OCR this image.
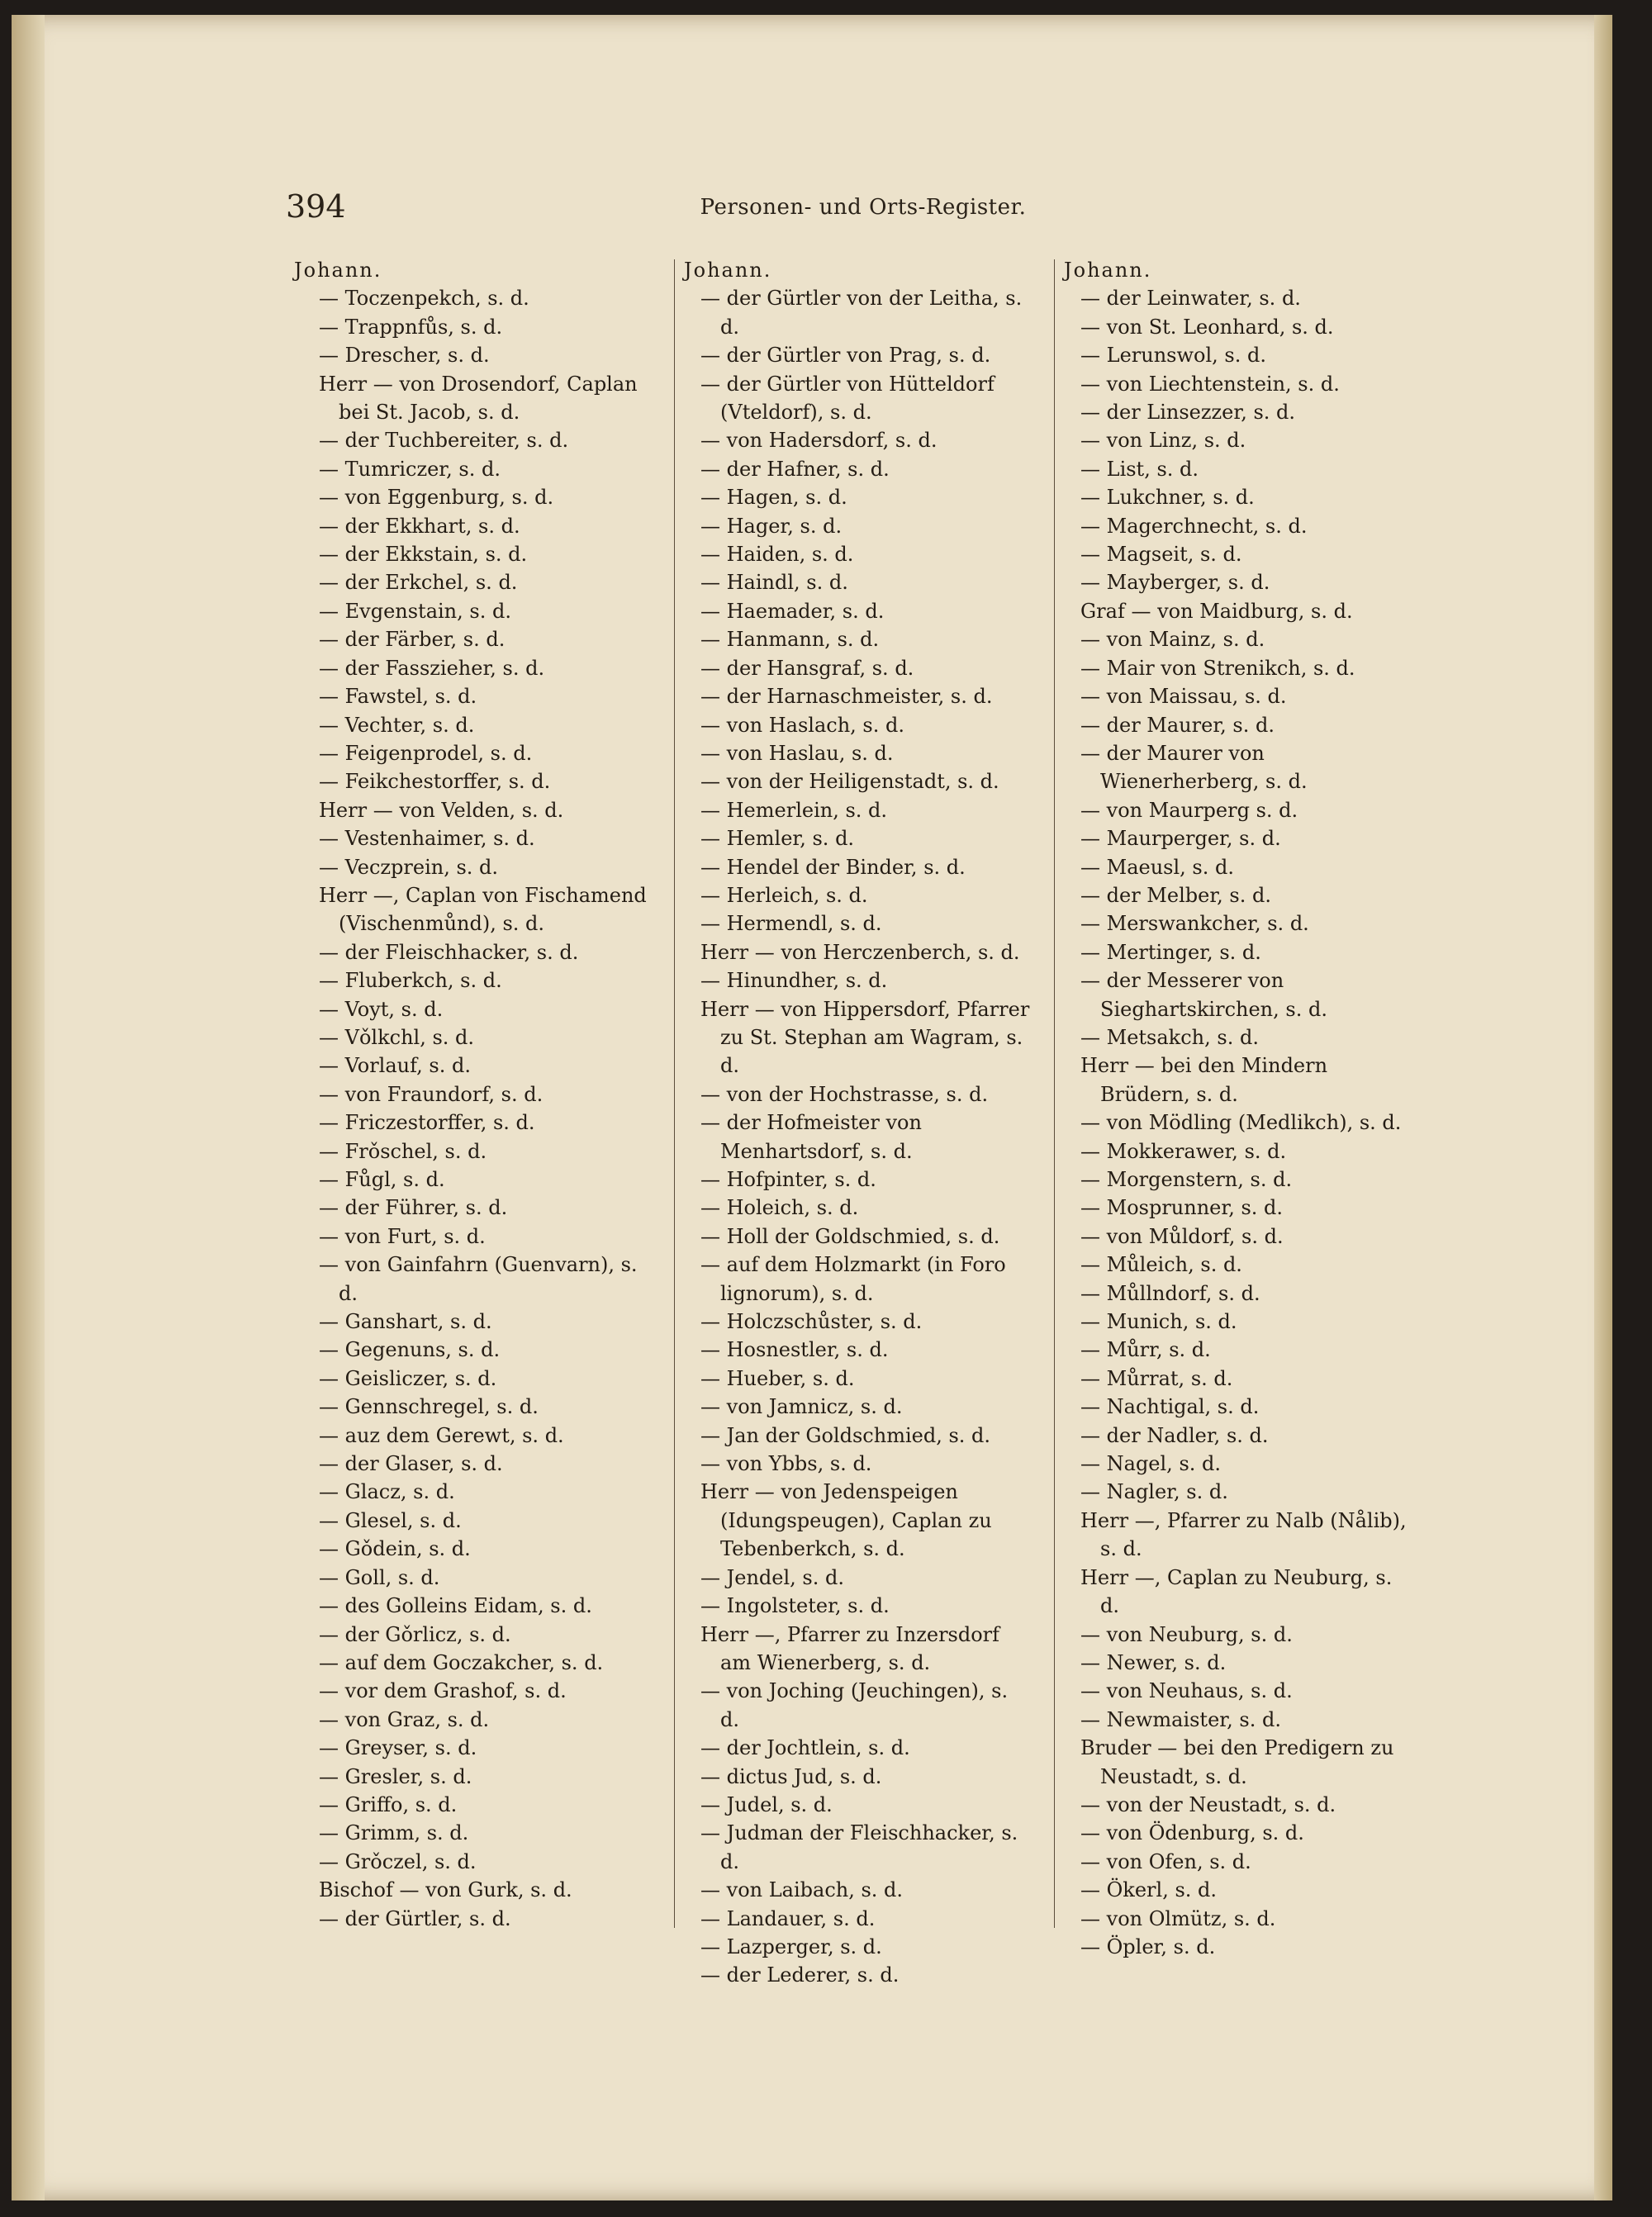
394	Personen- und Orts-Register.

Johann.

— Toczenpekch, s. d.

— Trappnfůs, s. d.

— Drescher, s. d.

Herr — von Drosendorf, Caplan bei St. Jacob, s. d.

— der Tuchbereiter, s. d.

— Tumriczer, s. d.

— von Eggenburg, s. d.

— der Ekkhart, s. d.

— der Ekkstain, s. d.

— der Erkchel, s. d.

— Evgenstain, s. d.

— der Färber, s. d.

— der Fasszieher, s. d.

— Fawstel, s. d.

— Vechter, s. d.

— Feigenprodel, s. d.

— Feikchestorffer, s. d.

Herr — von Velden, s. d.

— Vestenhaimer, s. d.

— Veczprein, s. d.

Herr —, Caplan von Fischamend (Vischenmůnd), s. d.

— der Fleischhacker, s. d.

— Fluberkch, s. d.

— Voyt, s. d.

— Vǒlkchl, s. d.

— Vorlauf, s. d.

— von Fraundorf, s. d.

— Friczestorffer, s. d.

— Frǒschel, s. d.

— Fůgl, s. d.

— der Führer, s. d.

— von Furt, s. d.

— von Gainfahrn (Guenvarn), s. d.

— Ganshart, s. d.

— Gegenuns, s. d.

— Geisliczer, s. d.

— Gennschregel, s. d.

— auz dem Gerewt, s. d.

— der Glaser, s. d.

— Glacz, s. d.

— Glesel, s. d.

— Gǒdein, s. d.

— Goll, s. d.

— des Golleins Eidam, s. d.

— der Gǒrlicz, s. d.

— auf dem Goczakcher, s. d.

— vor dem Grashof, s. d.

— von Graz, s. d.

— Greyser, s. d.

— Gresler, s. d.

— Griffo, s. d.

— Grimm, s. d.

— Grǒczel, s. d.

Bischof — von Gurk, s. d.

— der Gürtler, s. d.

Johann.

— der Gürtler von der Leitha, s. d.

— der Gürtler von Prag, s. d.

— der Gürtler von Hütteldorf (Vteldorf), s. d.

— von Hadersdorf, s. d.

— der Hafner, s. d.

— Hagen, s. d.

— Hager, s. d.

— Haiden, s. d.

— Haindl, s. d.

— Haemader, s. d.

— Hanmann, s. d.

— der Hansgraf, s. d.

— der Harnaschmeister, s. d.

— von Haslach, s. d.

— von Haslau, s. d.

— von der Heiligenstadt, s. d.

— Hemerlein, s. d.

— Hemler, s. d.

— Hendel der Binder, s. d.

— Herleich, s. d.

— Hermendl, s. d.

Herr — von Herczenberch, s. d.

— Hinundher, s. d.

Herr — von Hippersdorf, Pfarrer zu St. Stephan am Wagram, s. d.

— von der Hochstrasse, s. d.

— der Hofmeister von Menhartsdorf, s. d.

— Hofpinter, s. d.

— Holeich, s. d.

— Holl der Goldschmied, s. d.

— auf dem Holzmarkt (in Foro lignorum), s. d.

— Holczschůster, s. d.

— Hosnestler, s. d.

— Hueber, s. d.

— von Jamnicz, s. d.

— Jan der Goldschmied, s. d.

— von Ybbs, s. d.

Herr — von Jedenspeigen (Idungspeugen), Caplan zu Tebenberkch, s. d.

— Jendel, s. d.

— Ingolsteter, s. d.

Herr —, Pfarrer zu Inzersdorf am Wienerberg, s. d.

— von Joching (Jeuchingen), s. d.

— der Jochtlein, s. d.

— dictus Jud, s. d.

— Judel, s. d.

— Judman der Fleischhacker, s. d.

— von Laibach, s. d.

— Landauer, s. d.

— Lazperger, s. d.

— der Lederer, s. d.

Johann.

— der Leinwater, s. d.

— von St. Leonhard, s. d.

— Lerunswol, s. d.

— von Liechtenstein, s. d.

— der Linsezzer, s. d.

— von Linz, s. d.

— List, s. d.

— Lukchner, s. d.

— Magerchnecht, s. d.

— Magseit, s. d.

— Mayberger, s. d.

Graf — von Maidburg, s. d.

— von Mainz, s. d.

— Mair von Strenikch, s. d.

— von Maissau, s. d.

— der Maurer, s. d.

— der Maurer von Wienerherberg, s. d.

— von Maurperg s. d.

— Maurperger, s. d.

— Maeusl, s. d.

— der Melber, s. d.

— Merswankcher, s. d.

— Mertinger, s. d.

— der Messerer von Sieghartskirchen, s. d.

— Metsakch, s. d.

Herr — bei den Mindern Brüdern, s. d.

— von Mödling (Medlikch), s. d.

— Mokkerawer, s. d.

— Morgenstern, s. d.

— Mosprunner, s. d.

— von Můldorf, s. d.

— Můleich, s. d.

— Můllndorf, s. d.

— Munich, s. d.

— Můrr, s. d.

— Můrrat, s. d.

— Nachtigal, s. d.

— der Nadler, s. d.

— Nagel, s. d.

— Nagler, s. d.

Herr —, Pfarrer zu Nalb (Nålib), s. d.

Herr —, Caplan zu Neuburg, s. d.

— von Neuburg, s. d.

— Newer, s. d.

— von Neuhaus, s. d.

— Newmaister, s. d.

Bruder — bei den Predigern zu Neustadt, s. d.

— von der Neustadt, s. d.

— von Ödenburg, s. d.

— von Ofen, s. d.

— Ökerl, s. d.

— von Olmütz, s. d.

— Öpler, s. d.
